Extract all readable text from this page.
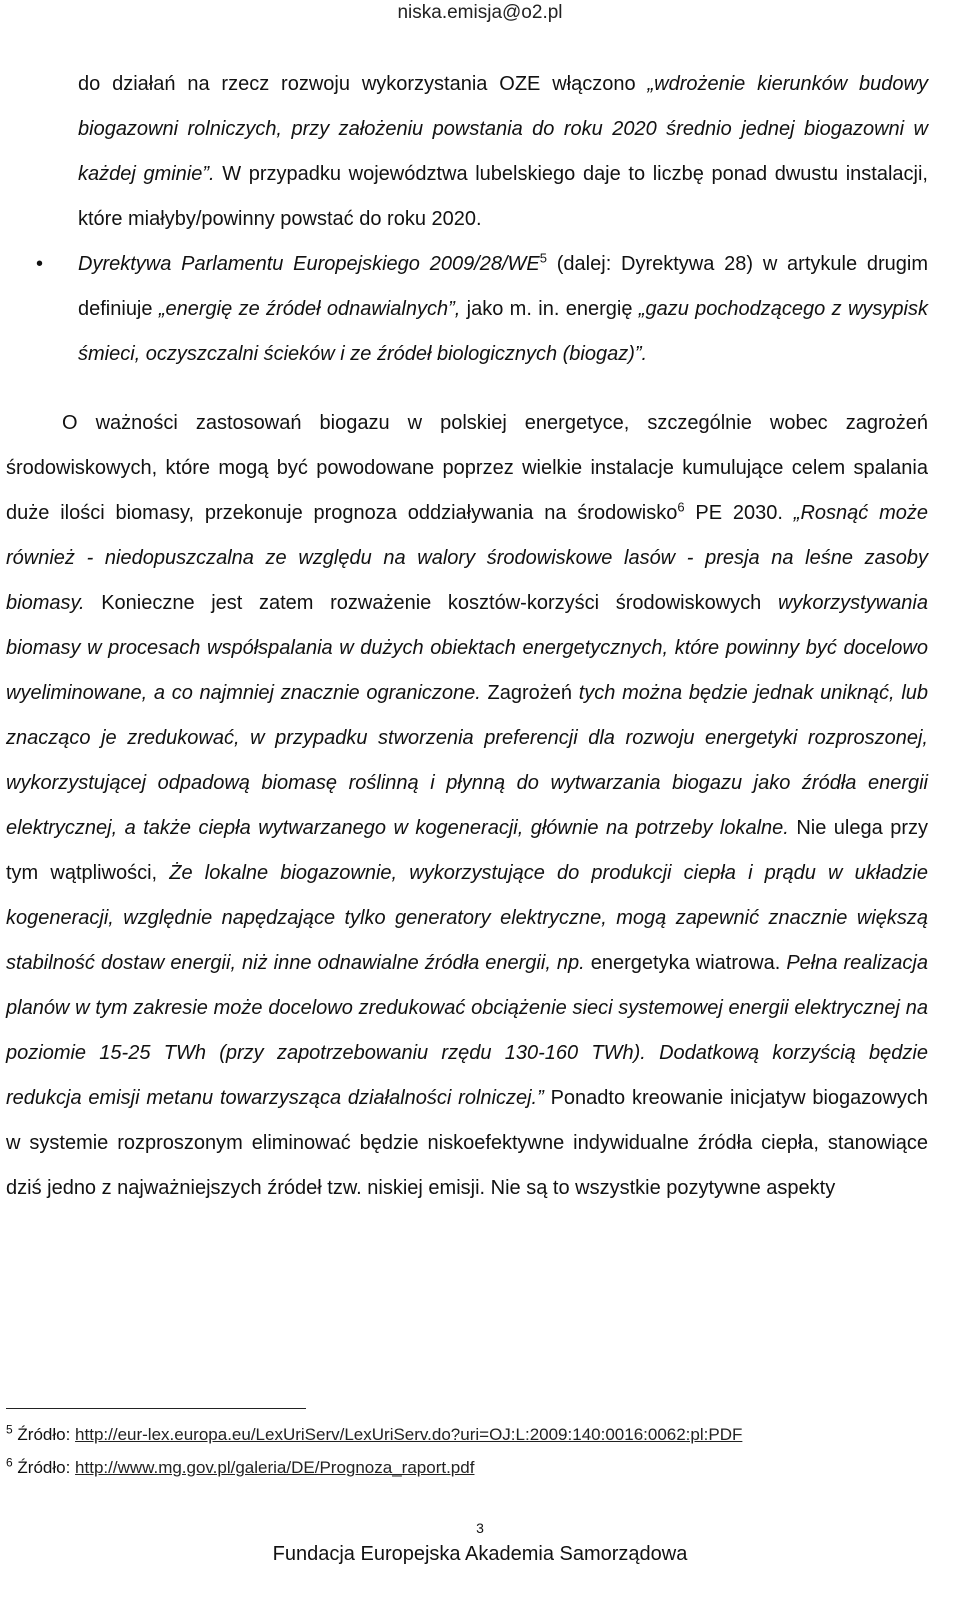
niska.emisja@o2.pl
do działań na rzecz rozwoju wykorzystania OZE włączono „wdrożenie kierunków budowy biogazowni rolniczych, przy założeniu powstania do roku 2020 średnio jednej biogazowni w każdej gminie”. W przypadku województwa lubelskiego daje to liczbę ponad dwustu instalacji, które miałyby/powinny powstać do roku 2020.
• Dyrektywa Parlamentu Europejskiego $2009/28/WE^5$ (dalej: Dyrektywa 28) w artykule drugim definiuje „energię ze źródeł odnawialnych”, jako m. in. energię „gazu pochodzącego z wysypisk śmieci, oczyszczalni ścieków i ze źródeł biologicznych (biogaz)”.
O ważności zastosowań biogazu w polskiej energetyce, szczególnie wobec zagrożeń środowiskowych, które mogą być powodowane poprzez wielkie instalacje kumulujące celem spalania duże ilości biomasy, przekonuje prognoza oddziaływania na środowisko$^6$ PE 2030. „Rosnąć może również - niedopuszczalna ze względu na walory środowiskowe lasów - presja na leśne zasoby biomasy. Konieczne jest zatem rozważenie kosztów-korzyści środowiskowych wykorzystywania biomasy w procesach współspalania w dużych obiektach energetycznych, które powinny być docelowo wyeliminowane, a co najmniej znacznie ograniczone. Zagrożeń tych można będzie jednak uniknąć, lub znacząco je zredukować, w przypadku stworzenia preferencji dla rozwoju energetyki rozproszonej, wykorzystującej odpadową biomasę roślinną i płynną do wytwarzania biogazu jako źródła energii elektrycznej, a także ciepła wytwarzanego w kogeneracji, głównie na potrzeby lokalne. Nie ulega przy tym wątpliwości, Że lokalne biogazownie, wykorzystujące do produkcji ciepła i prądu w układzie kogeneracji, względnie napędzające tylko generatory elektryczne, mogą zapewnić znacznie większą stabilność dostaw energii, niż inne odnawialne źródła energii, np. energetyka wiatrowa. Pełna realizacja planów w tym zakresie może docelowo zredukować obciążenie sieci systemowej energii elektrycznej na poziomie 15-25 TWh (przy zapotrzebowaniu rzędu 130-160 TWh). Dodatkową korzyścią będzie redukcja emisji metanu towarzysząca działalności rolniczej.” Ponadto kreowanie inicjatyw biogazowych w systemie rozproszonym eliminować będzie niskoefektywne indywidualne źródła ciepła, stanowiące dziś jedno z najważniejszych źródeł tzw. niskiej emisji. Nie są to wszystkie pozytywne aspekty
$^5$ Źródło: http://eur-lex.europa.eu/LexUriServ/LexUriServ.do?uri=OJ:L:2009:140:0016:0062:pl:PDF
$^6$ Źródło: http://www.mg.gov.pl/galeria/DE/Prognoza_raport.pdf
3
Fundacja Europejska Akademia Samorządowa
